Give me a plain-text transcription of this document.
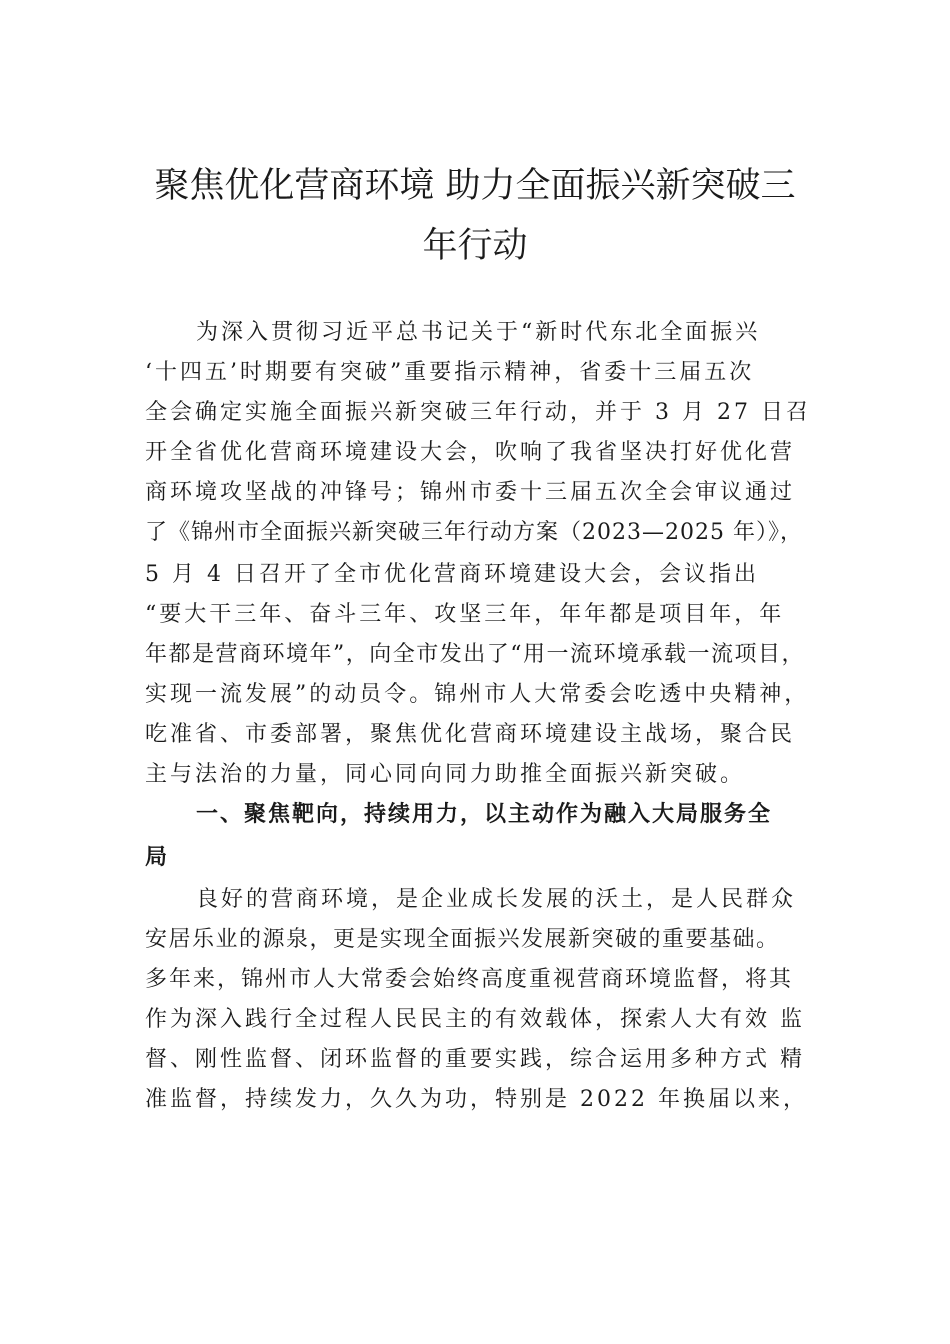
聚焦优化营商环境 助力全面振兴新突破三
年行动

为深入贯彻习近平总书记关于“新时代东北全面振兴

‘十四五’时期要有突破”重要指示精神，省委十三届五次

全会确定实施全面振兴新突破三年行动，并于 3 月 27 日召

开全省优化营商环境建设大会，吹响了我省坚决打好优化营

商环境攻坚战的冲锋号；锦州市委十三届五次全会审议通过

了《锦州市全面振兴新突破三年行动方案（2023—2025 年）》，

5 月 4 日召开了全市优化营商环境建设大会，会议指出

“要大干三年、奋斗三年、攻坚三年，年年都是项目年，年

年都是营商环境年”，向全市发出了“用一流环境承载一流项目，

实现一流发展”的动员令。锦州市人大常委会吃透中央精神，

吃准省、市委部署，聚焦优化营商环境建设主战场，聚合民

主与法治的力量，同心同向同力助推全面振兴新突破。

一、聚焦靶向，持续用力，以主动作为融入大局服务全

局

良好的营商环境，是企业成长发展的沃土，是人民群众

安居乐业的源泉，更是实现全面振兴发展新突破的重要基础。

多年来，锦州市人大常委会始终高度重视营商环境监督，将其

作为深入践行全过程人民民主的有效载体，探索人大有效 监

督、刚性监督、闭环监督的重要实践，综合运用多种方式 精

准监督，持续发力，久久为功，特别是 2022 年换届以来，
